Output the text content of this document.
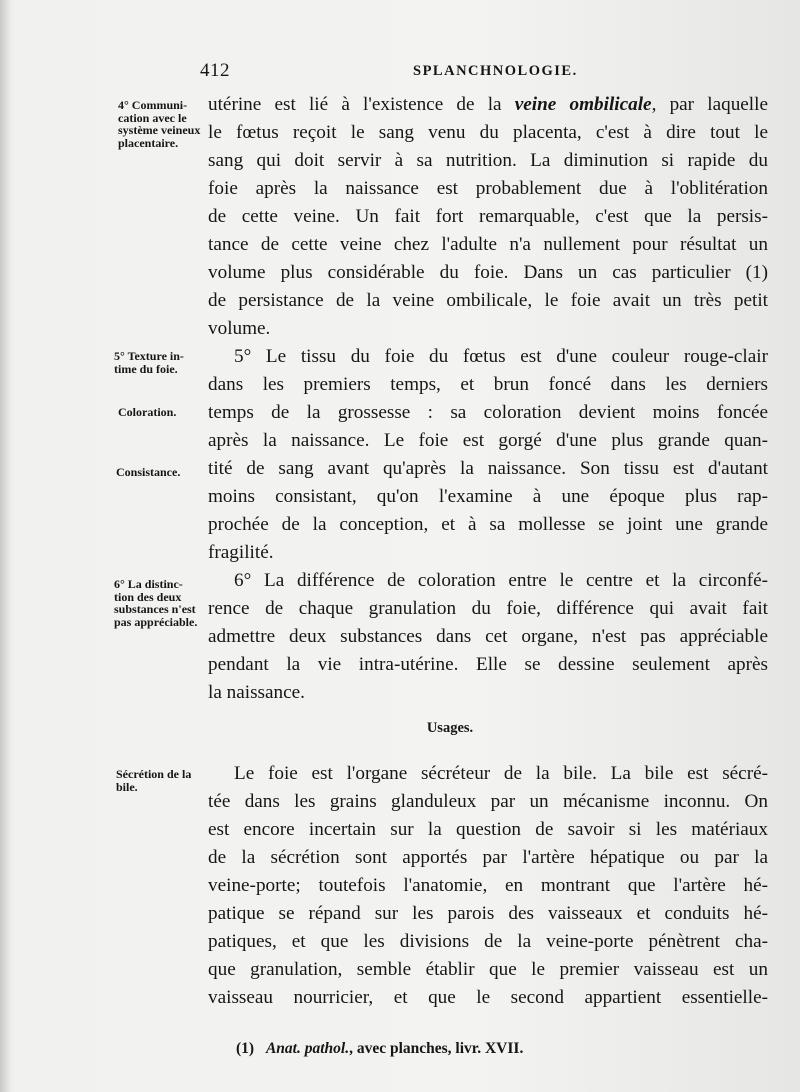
412	SPLANCHNOLOGIE.
4° Communi-
cation avec le
système veineux
placentaire.
5° Texture in-
time du foie.
Coloration.
Consistance.
6° La distinc-
tion des deux
substances n'est
pas appréciable.
Sécrétion de la
bile.
utérine est lié à l'existence de la veine ombilicale, par laquelle
le fœtus reçoit le sang venu du placenta, c'est à dire tout le
sang qui doit servir à sa nutrition. La diminution si rapide du
foie après la naissance est probablement due à l'oblitération
de cette veine. Un fait fort remarquable, c'est que la persis-
tance de cette veine chez l'adulte n'a nullement pour résultat un
volume plus considérable du foie. Dans un cas particulier (1)
de persistance de la veine ombilicale, le foie avait un très petit
volume.
5° Le tissu du foie du fœtus est d'une couleur rouge-clair
dans les premiers temps, et brun foncé dans les derniers
temps de la grossesse : sa coloration devient moins foncée
après la naissance. Le foie est gorgé d'une plus grande quan-
tité de sang avant qu'après la naissance. Son tissu est d'autant
moins consistant, qu'on l'examine à une époque plus rap-
prochée de la conception, et à sa mollesse se joint une grande
fragilité.
6° La différence de coloration entre le centre et la circonfé-
rence de chaque granulation du foie, différence qui avait fait
admettre deux substances dans cet organe, n'est pas appréciable
pendant la vie intra-utérine. Elle se dessine seulement après
la naissance.
Usages.
Le foie est l'organe sécréteur de la bile. La bile est sécré-
tée dans les grains glanduleux par un mécanisme inconnu. On
est encore incertain sur la question de savoir si les matériaux
de la sécrétion sont apportés par l'artère hépatique ou par la
veine-porte; toutefois l'anatomie, en montrant que l'artère hé-
patique se répand sur les parois des vaisseaux et conduits hé-
patiques, et que les divisions de la veine-porte pénètrent cha-
que granulation, semble établir que le premier vaisseau est un
vaisseau nourricier, et que le second appartient essentielle-
(1) Anat. pathol., avec planches, livr. XVII.
